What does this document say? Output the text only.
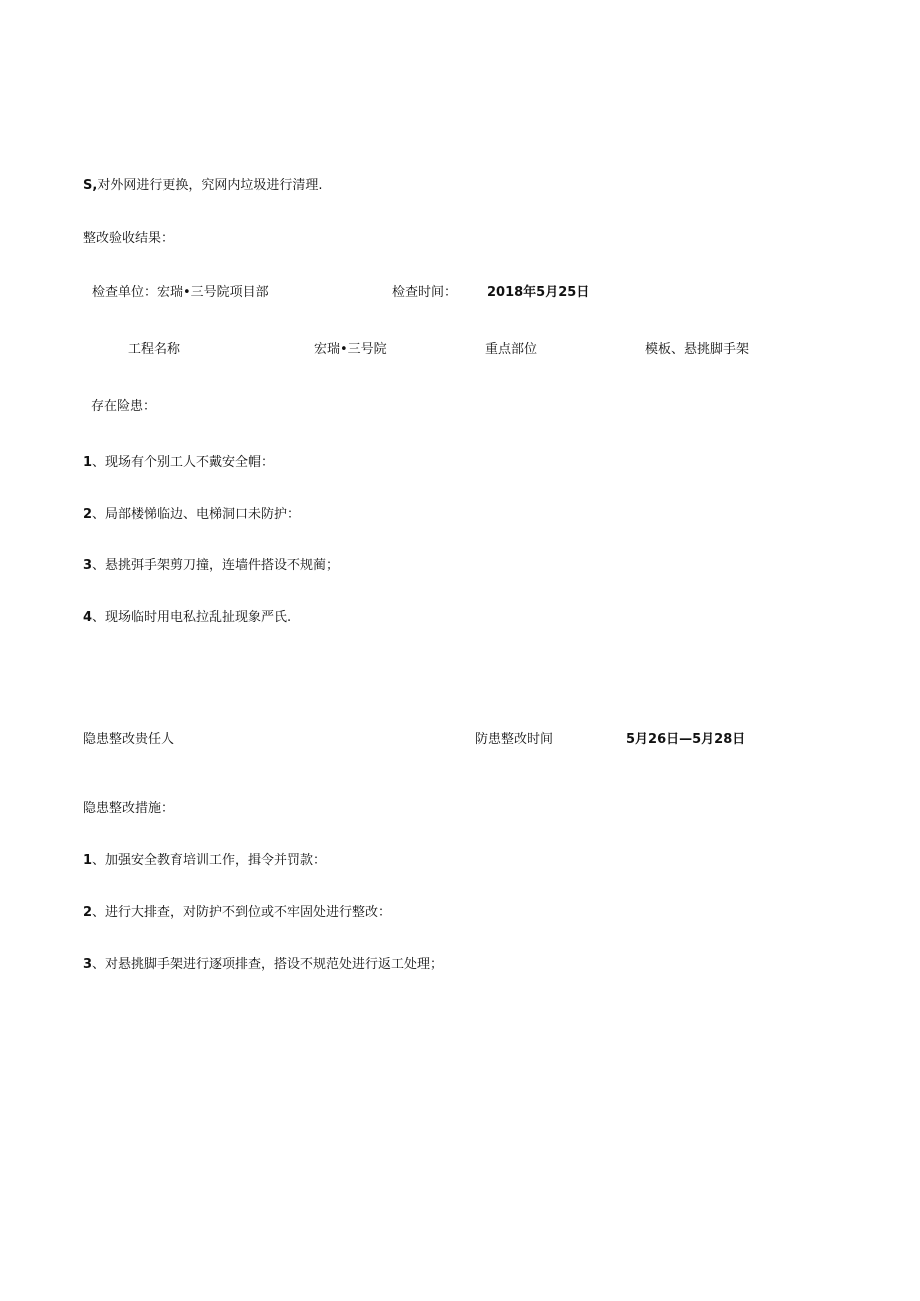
S,对外网进行更换，究网内垃圾进行清理.
整改验收结果：
检查单位：宏瑞•三号院项目部	检查时间： 2018年5月25日
工程名称	宏瑞•三号院	重点部位	模板、悬挑脚手架
存在险患：
1、现场有个别工人不戴安全帽：
2、局部楼悌临边、电梯洞口未防护：
3、悬挑弭手架剪刀撞，连墙件搭设不规蔺；
4、现场临时用电私拉乱扯现象严氏.
隐患整改贵任人	防患整改时间	5月26日—5月28日
隐患整改措施：
1、加强安全教育培训工作，揖令并罚款：
2、进行大排查，对防护不到位或不牢固处进行整改：
3、对悬挑脚手架进行逐项排查，搭设不规范处进行返工处理；
